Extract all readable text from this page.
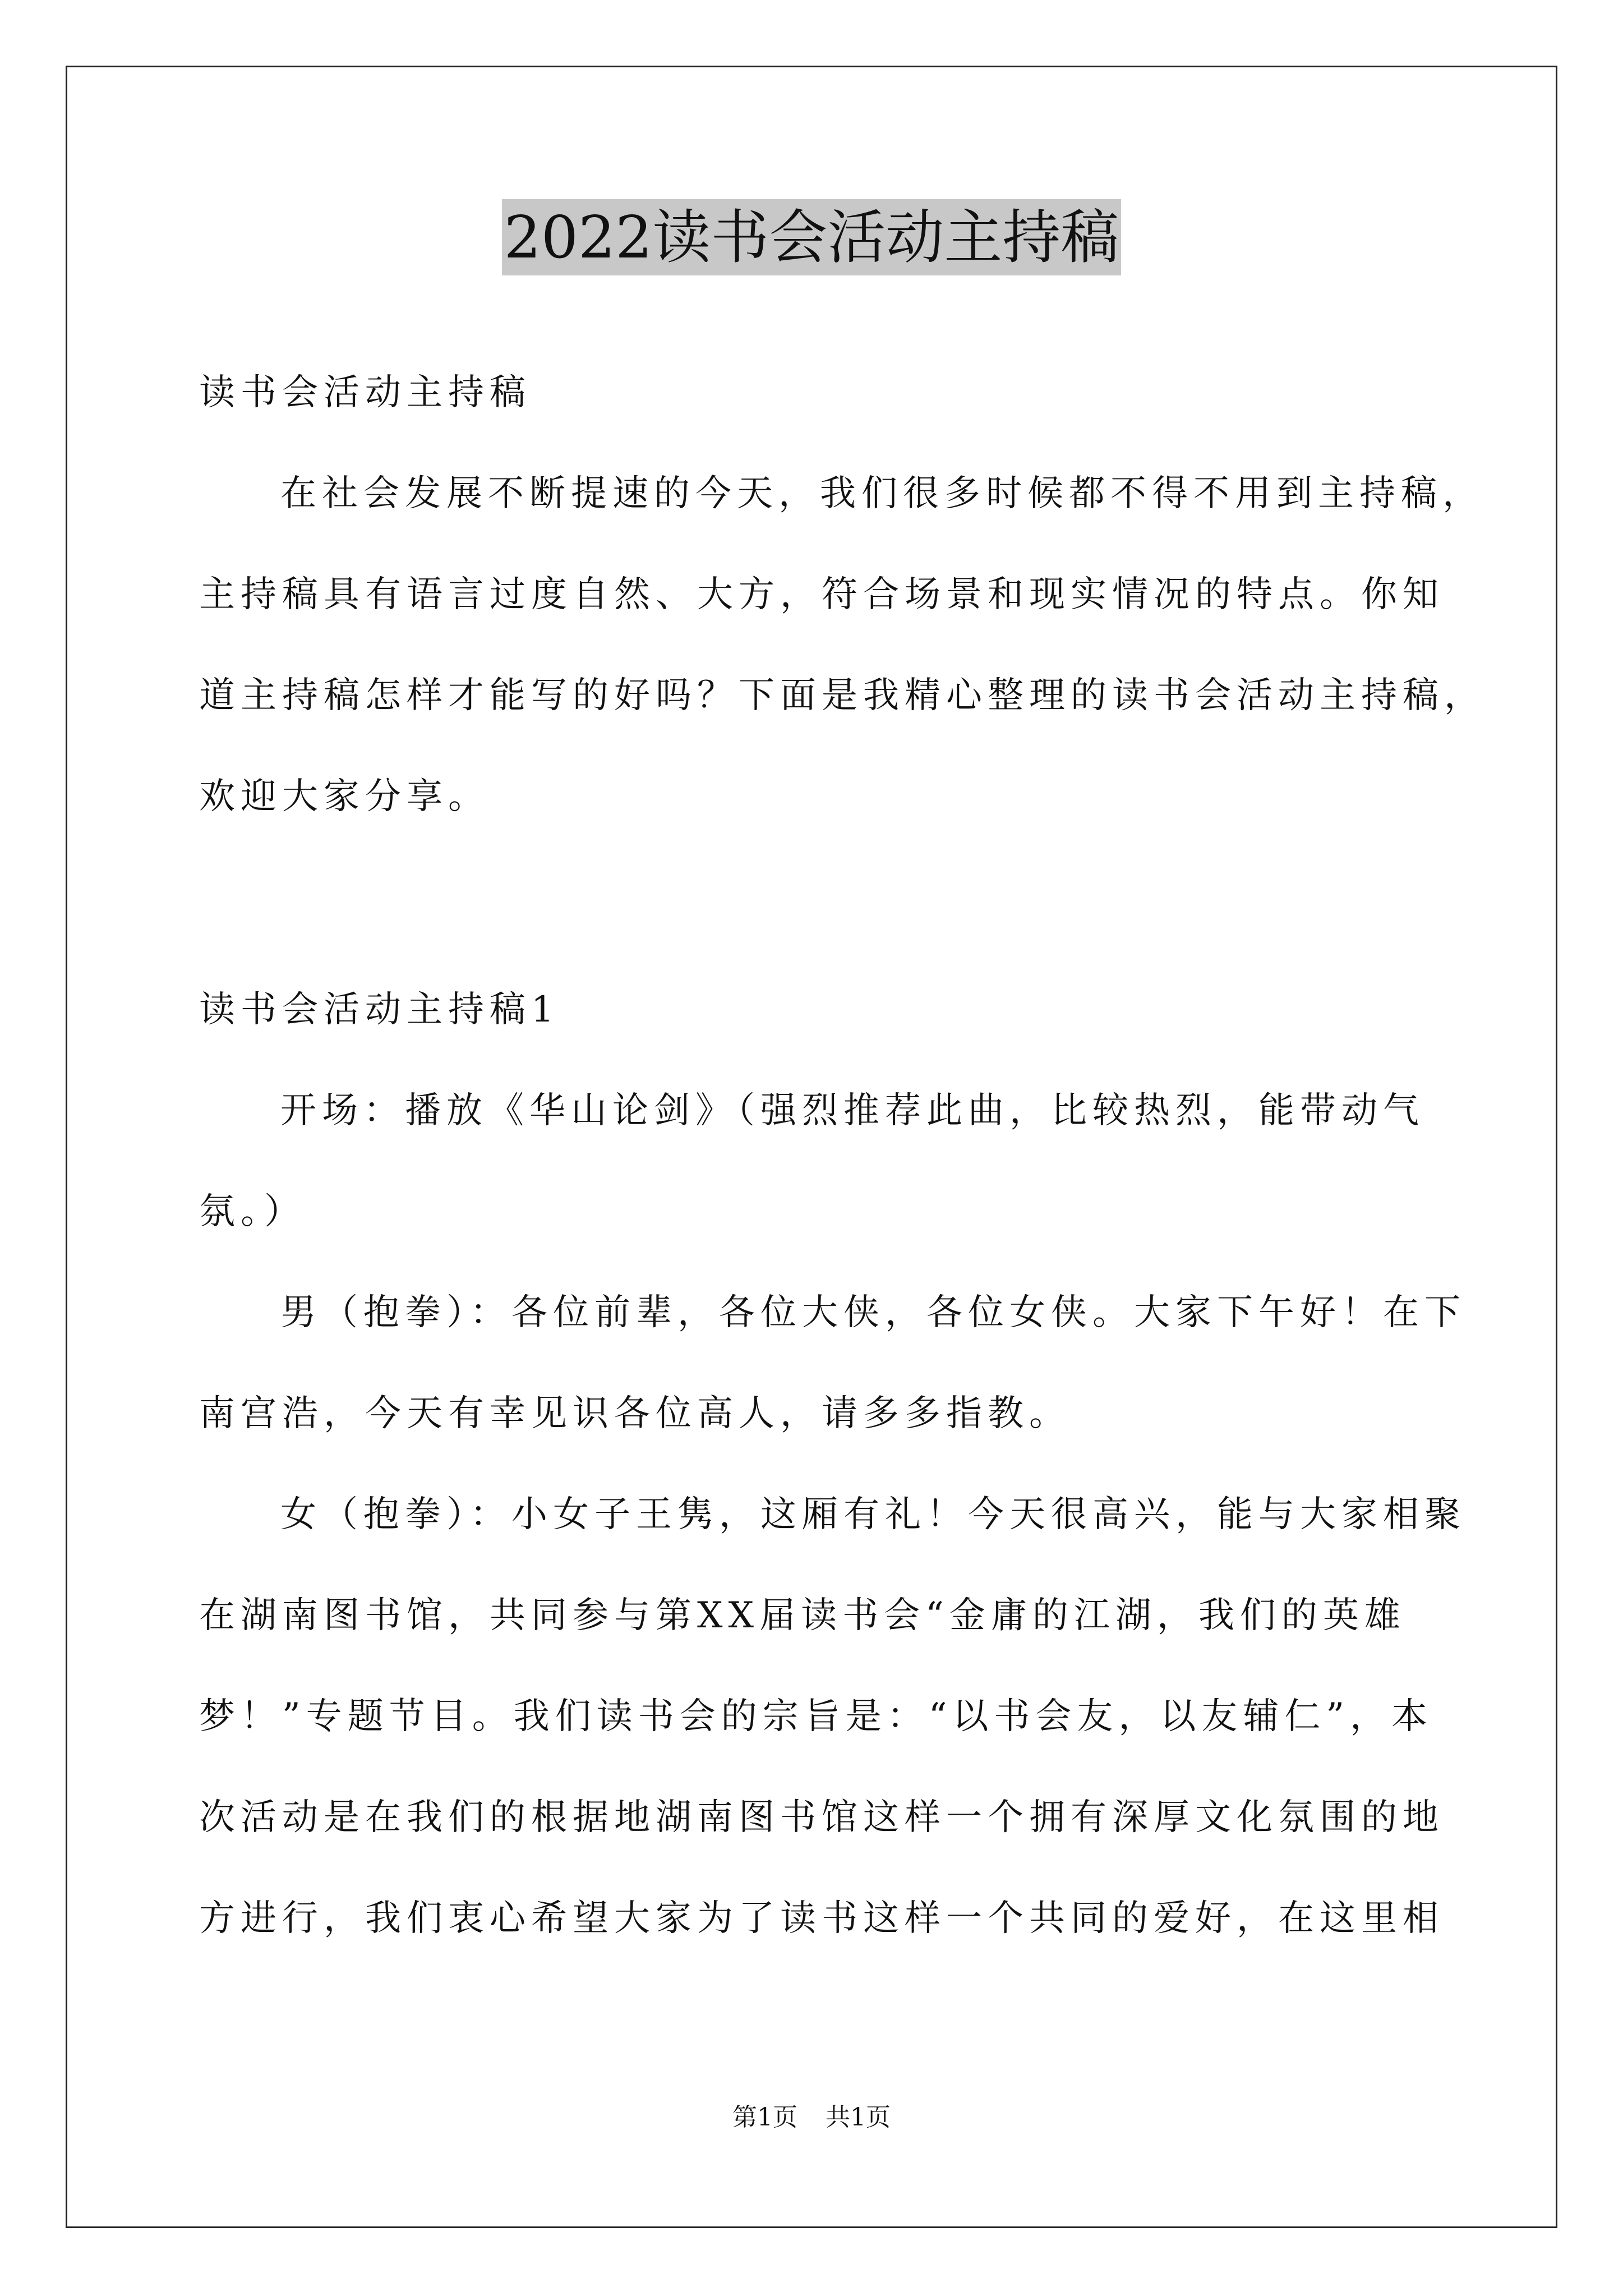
2022读书会活动主持稿
读书会活动主持稿
在社会发展不断提速的今天，我们很多时候都不得不用到主持稿，
主持稿具有语言过度自然、大方，符合场景和现实情况的特点。你知
道主持稿怎样才能写的好吗？下面是我精心整理的读书会活动主持稿，
欢迎大家分享。
读书会活动主持稿1
开场：播放《华山论剑》（强烈推荐此曲，比较热烈，能带动气
氛。）
男（抱拳）：各位前辈，各位大侠，各位女侠。大家下午好！在下
南宫浩，今天有幸见识各位高人，请多多指教。
女（抱拳）：小女子王隽，这厢有礼！今天很高兴，能与大家相聚
在湖南图书馆，共同参与第XX届读书会“金庸的江湖，我们的英雄
梦！”专题节目。我们读书会的宗旨是：“以书会友，以友辅仁”，本
次活动是在我们的根据地湖南图书馆这样一个拥有深厚文化氛围的地
方进行，我们衷心希望大家为了读书这样一个共同的爱好，在这里相
第1页 共1页
